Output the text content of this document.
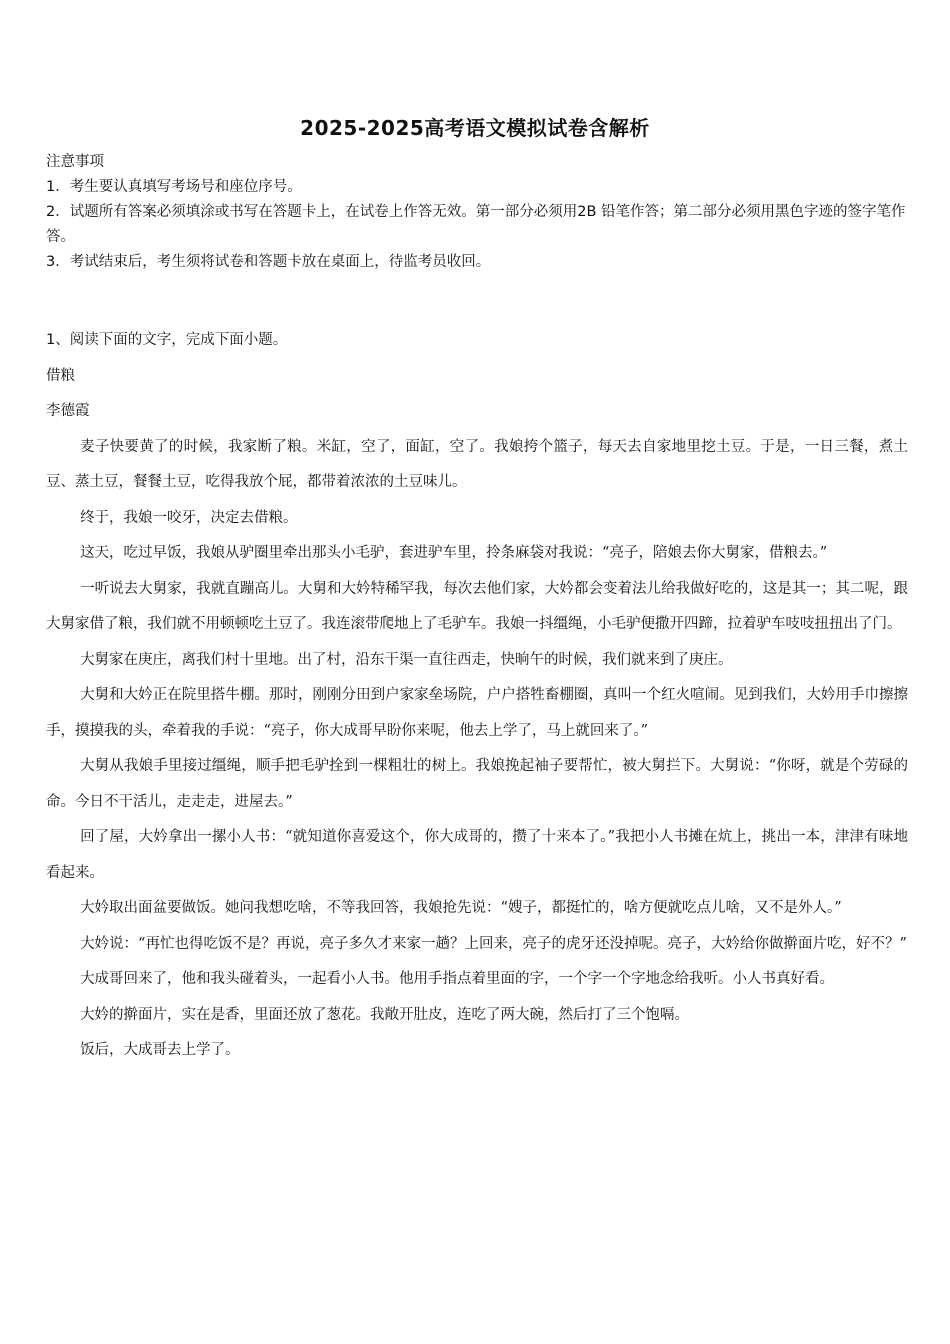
2025-2025高考语文模拟试卷含解析

注意事项

1．考生要认真填写考场号和座位序号。

2．试题所有答案必须填涂或书写在答题卡上，在试卷上作答无效。第一部分必须用2B 铅笔作答；第二部分必须用黑色字迹的签字笔作答。

3．考试结束后，考生须将试卷和答题卡放在桌面上，待监考员收回。

1、阅读下面的文字，完成下面小题。

借粮

李德霞

麦子快要黄了的时候，我家断了粮。米缸，空了，面缸，空了。我娘挎个篮子，每天去自家地里挖土豆。于是，一日三餐，煮土豆、蒸土豆，餐餐土豆，吃得我放个屁，都带着浓浓的土豆味儿。

终于，我娘一咬牙，决定去借粮。

这天，吃过早饭，我娘从驴圈里牵出那头小毛驴，套进驴车里，拎条麻袋对我说：“亮子，陪娘去你大舅家，借粮去。”

一听说去大舅家，我就直蹦高儿。大舅和大妗特稀罕我，每次去他们家，大妗都会变着法儿给我做好吃的，这是其一；其二呢，跟大舅家借了粮，我们就不用顿顿吃土豆了。我连滚带爬地上了毛驴车。我娘一抖缰绳，小毛驴便撒开四蹄，拉着驴车吱吱扭扭出了门。

大舅家在庚庄，离我们村十里地。出了村，沿东干渠一直往西走，快晌午的时候，我们就来到了庚庄。

大舅和大妗正在院里搭牛棚。那时，刚刚分田到户家家垒场院，户户搭牲畜棚圈，真叫一个红火喧闹。见到我们，大妗用手巾擦擦手，摸摸我的头，牵着我的手说：“亮子，你大成哥早盼你来呢，他去上学了，马上就回来了。”

大舅从我娘手里接过缰绳，顺手把毛驴拴到一棵粗壮的树上。我娘挽起袖子要帮忙，被大舅拦下。大舅说：“你呀，就是个劳碌的命。今日不干活儿，走走走，进屋去。”

回了屋，大妗拿出一摞小人书：“就知道你喜爱这个，你大成哥的，攒了十来本了。”我把小人书摊在炕上，挑出一本，津津有味地看起来。

大妗取出面盆要做饭。她问我想吃啥，不等我回答，我娘抢先说：“嫂子，都挺忙的，啥方便就吃点儿啥，又不是外人。”

大妗说：“再忙也得吃饭不是？再说，亮子多久才来家一趟？上回来，亮子的虎牙还没掉呢。亮子，大妗给你做擀面片吃，好不？”

大成哥回来了，他和我头碰着头，一起看小人书。他用手指点着里面的字，一个字一个字地念给我听。小人书真好看。

大妗的擀面片，实在是香，里面还放了葱花。我敞开肚皮，连吃了两大碗，然后打了三个饱嗝。

饭后，大成哥去上学了。
